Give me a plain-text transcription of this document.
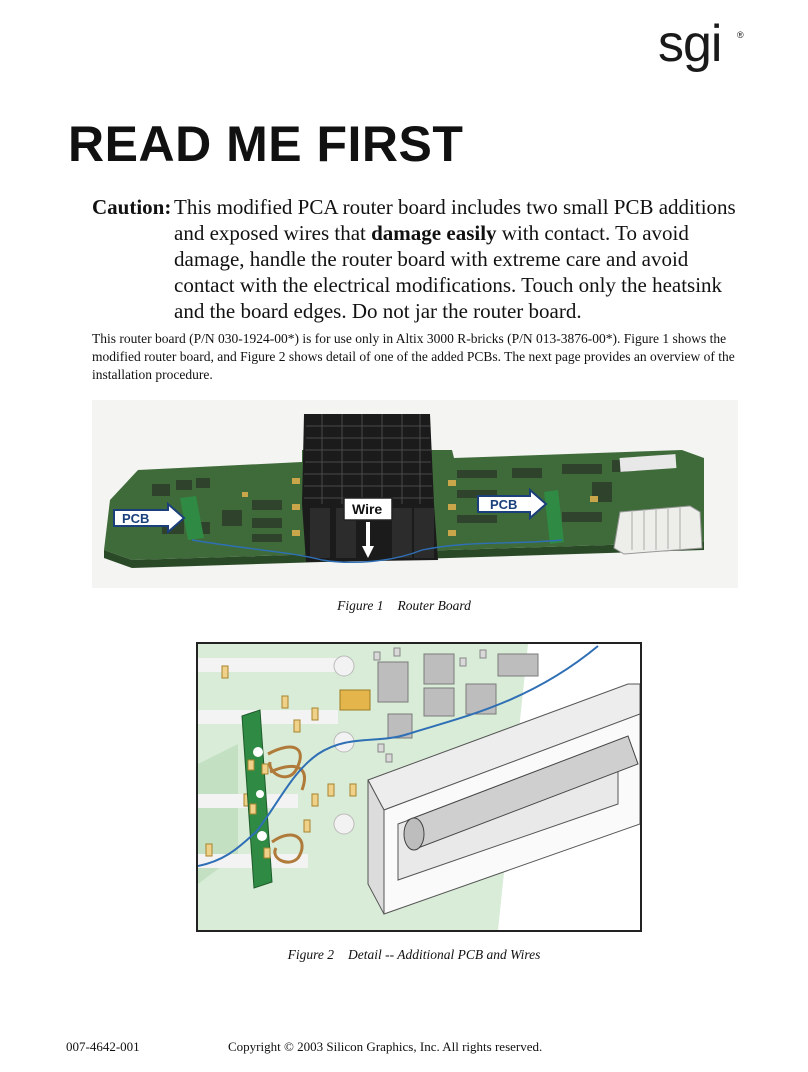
sgi ®
READ ME FIRST
Caution: This modified PCA router board includes two small PCB additions and exposed wires that damage easily with contact. To avoid damage, handle the router board with extreme care and avoid contact with the electrical modifications. Touch only the heatsink and the board edges. Do not jar the router board.

This router board (P/N 030-1924-00*) is for use only in Altix 3000 R-bricks (P/N 013-3876-00*). Figure 1 shows the modified router board, and Figure 2 shows detail of one of the added PCBs. The next page provides an overview of the installation procedure.

PCB
Wire	PCB
Figure 1 Router Board
Figure 2 Detail -- Additional PCB and Wires
007-4642-001	Copyright © 2003 Silicon Graphics, Inc. All rights reserved.
